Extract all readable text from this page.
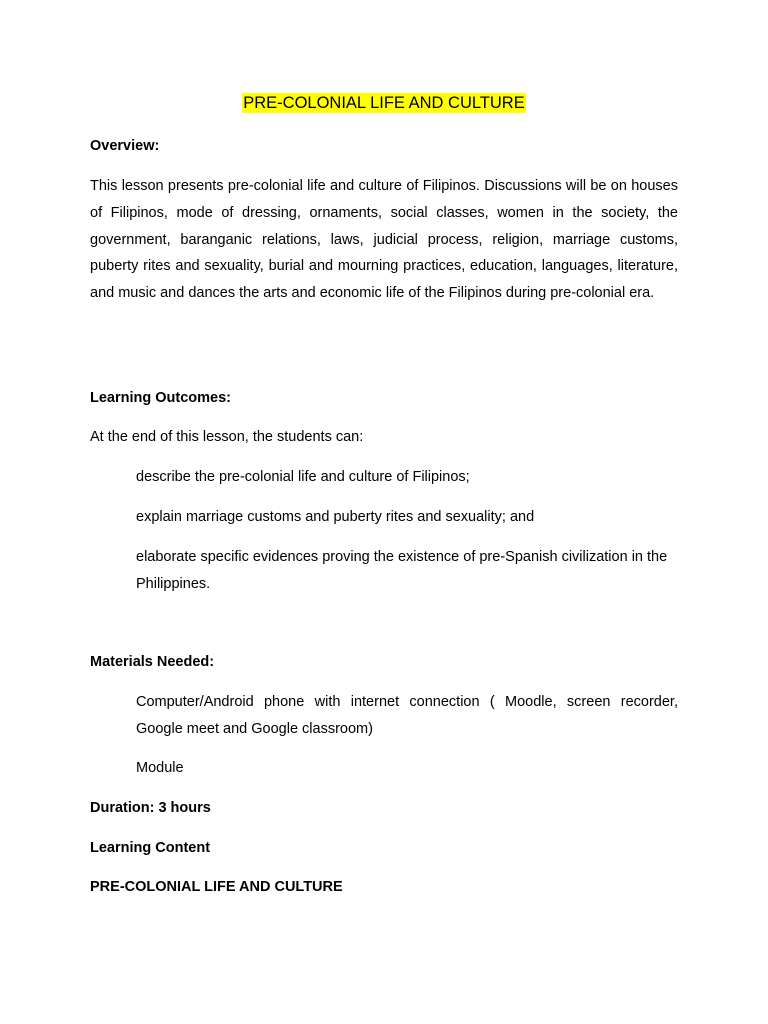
PRE-COLONIAL LIFE AND CULTURE

Overview:

This lesson presents pre-colonial life and culture of Filipinos. Discussions will be on houses of Filipinos, mode of dressing, ornaments, social classes, women in the society, the government, baranganic relations, laws, judicial process, religion, marriage customs, puberty rites and sexuality, burial and mourning practices, education, languages, literature, and music and dances the arts and economic life of the Filipinos during pre-colonial era.

Learning Outcomes:

At the end of this lesson, the students can:

describe the pre-colonial life and culture of Filipinos;

explain marriage customs and puberty rites and sexuality; and

elaborate specific evidences proving the existence of pre-Spanish civilization in the Philippines.

Materials Needed:

Computer/Android phone with internet connection ( Moodle, screen recorder, Google meet and Google classroom)

Module

Duration: 3 hours

Learning Content

PRE-COLONIAL LIFE AND CULTURE
